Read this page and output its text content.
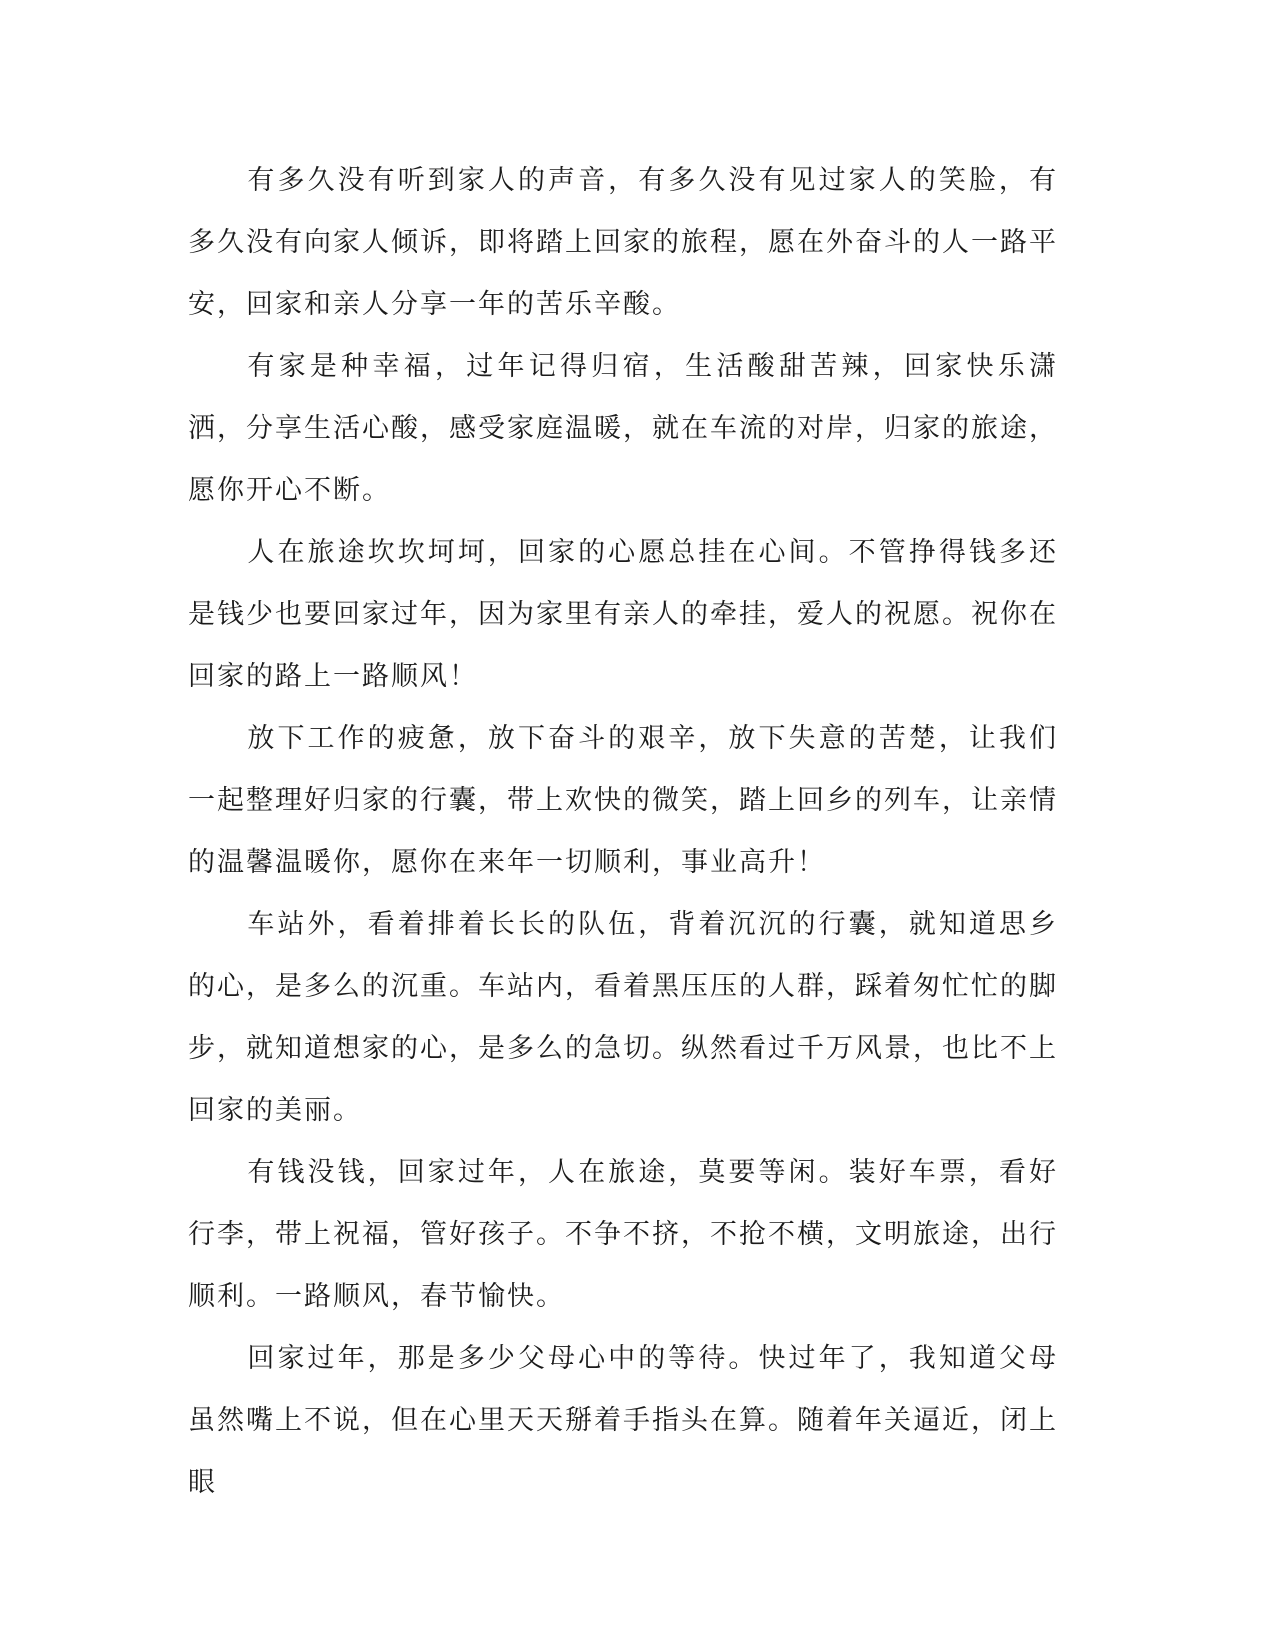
有多久没有听到家人的声音，有多久没有见过家人的笑脸，有多久没有向家人倾诉，即将踏上回家的旅程，愿在外奋斗的人一路平安，回家和亲人分享一年的苦乐辛酸。

有家是种幸福，过年记得归宿，生活酸甜苦辣，回家快乐潇洒，分享生活心酸，感受家庭温暖，就在车流的对岸，归家的旅途，愿你开心不断。

人在旅途坎坎坷坷，回家的心愿总挂在心间。不管挣得钱多还是钱少也要回家过年，因为家里有亲人的牵挂，爱人的祝愿。祝你在回家的路上一路顺风！

放下工作的疲惫，放下奋斗的艰辛，放下失意的苦楚，让我们一起整理好归家的行囊，带上欢快的微笑，踏上回乡的列车，让亲情的温馨温暖你，愿你在来年一切顺利，事业高升！

车站外，看着排着长长的队伍，背着沉沉的行囊，就知道思乡的心，是多么的沉重。车站内，看着黑压压的人群，踩着匆忙忙的脚步，就知道想家的心，是多么的急切。纵然看过千万风景，也比不上回家的美丽。

有钱没钱，回家过年，人在旅途，莫要等闲。装好车票，看好行李，带上祝福，管好孩子。不争不挤，不抢不横，文明旅途，出行顺利。一路顺风，春节愉快。

回家过年，那是多少父母心中的等待。快过年了，我知道父母虽然嘴上不说，但在心里天天掰着手指头在算。随着年关逼近，闭上眼
